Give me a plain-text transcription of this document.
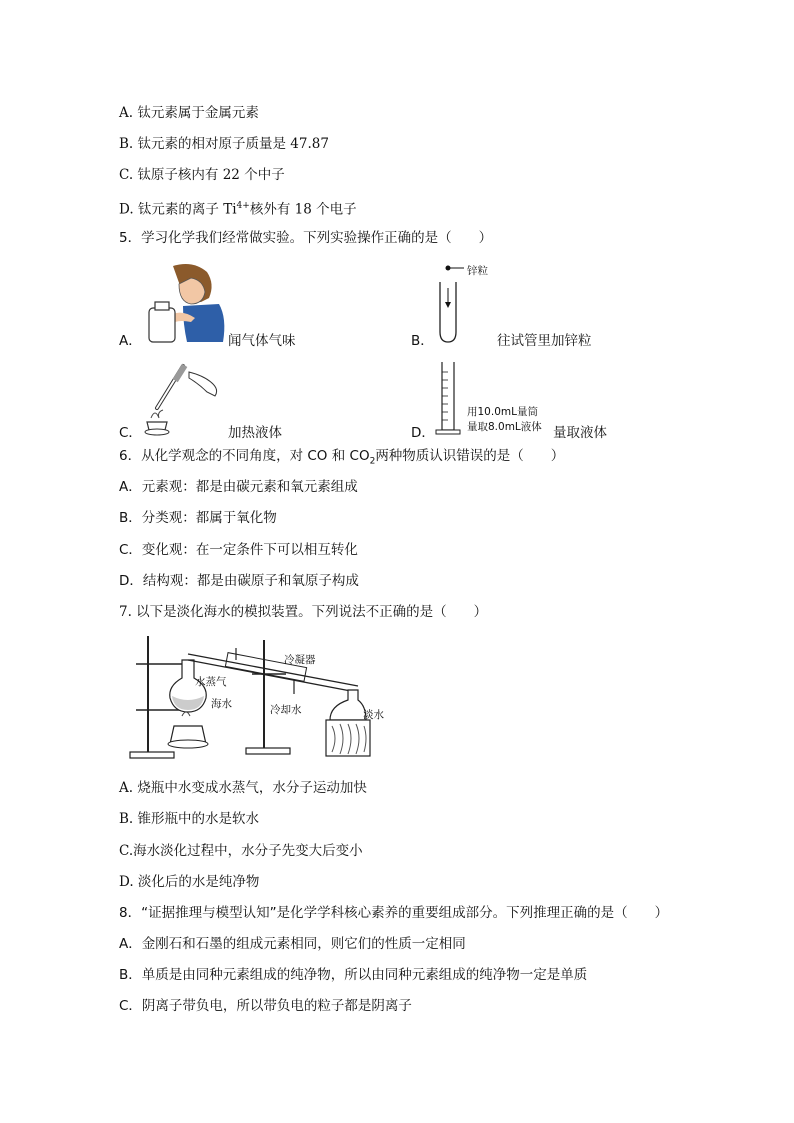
A. 钛元素属于金属元素
B. 钛元素的相对原子质量是 47.87
C. 钛原子核内有 22 个中子
D. 钛元素的离子 $Ti^{4+}$核外有 18 个电子
5．学习化学我们经常做实验。下列实验操作正确的是（　　）
A．	闻气体气味
锌粒
B．	往试管里加锌粒
C．	加热液体
用10.0mL量筒
量取8.0mL液体
D．	量取液体
6．从化学观念的不同角度，对 CO 和 $CO_2$两种物质认识错误的是（　　）
A．元素观：都是由碳元素和氧元素组成
B．分类观：都属于氧化物
C．变化观：在一定条件下可以相互转化
D．结构观：都是由碳原子和氧原子构成
7. 以下是淡化海水的模拟装置。下列说法不正确的是（　　）
冷凝器
水蒸气
海水	冷却水	淡水
A. 烧瓶中水变成水蒸气，水分子运动加快
B. 锥形瓶中的水是软水
C.海水淡化过程中，水分子先变大后变小
D. 淡化后的水是纯净物
8．“证据推理与模型认知”是化学学科核心素养的重要组成部分。下列推理正确的是（　　）
A．金刚石和石墨的组成元素相同，则它们的性质一定相同
B．单质是由同种元素组成的纯净物，所以由同种元素组成的纯净物一定是单质
C．阴离子带负电，所以带负电的粒子都是阴离子
